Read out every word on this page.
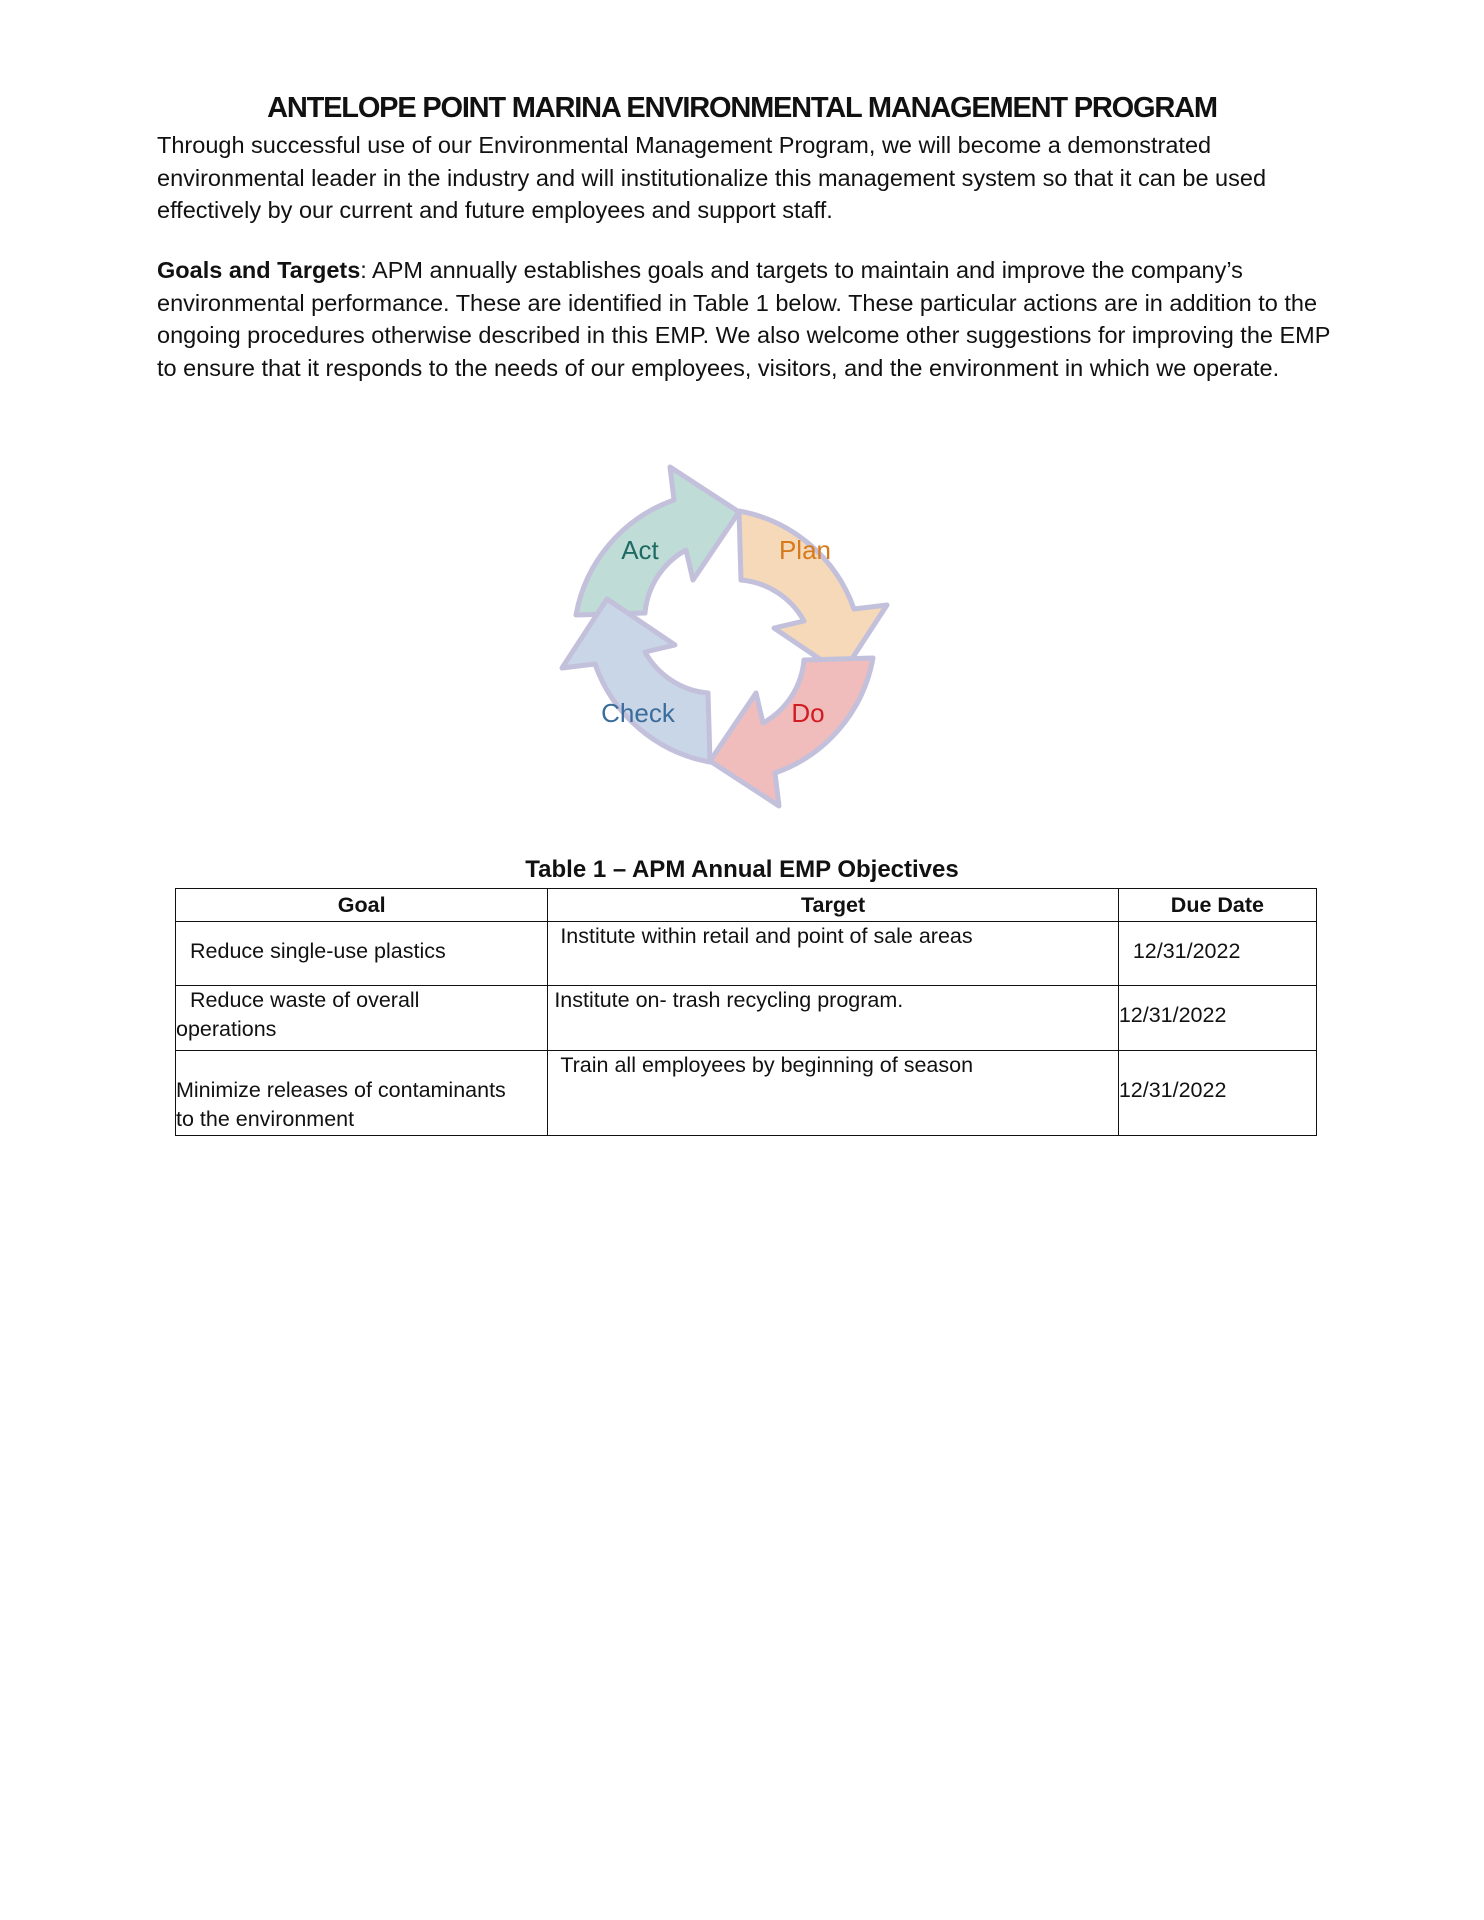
ANTELOPE POINT MARINA ENVIRONMENTAL MANAGEMENT PROGRAM

Through successful use of our Environmental Management Program, we will become a demonstrated environmental leader in the industry and will institutionalize this management system so that it can be used effectively by our current and future employees and support staff.

Goals and Targets: APM annually establishes goals and targets to maintain and improve the company’s environmental performance. These are identified in Table 1 below. These particular actions are in addition to the ongoing procedures otherwise described in this EMP. We also welcome other suggestions for improving the EMP to ensure that it responds to the needs of our employees, visitors, and the environment in which we operate.

Act	Plan
Check	Do

Table 1 – APM Annual EMP Objectives

Goal	Target	Due Date

Reduce single-use plastics	Institute within retail and point of sale areas	12/31/2022

Reduce waste of overall operations	Institute on- trash recycling program.	12/31/2022

Minimize releases of contaminants to the environment	Train all employees by beginning of season	12/31/2022
